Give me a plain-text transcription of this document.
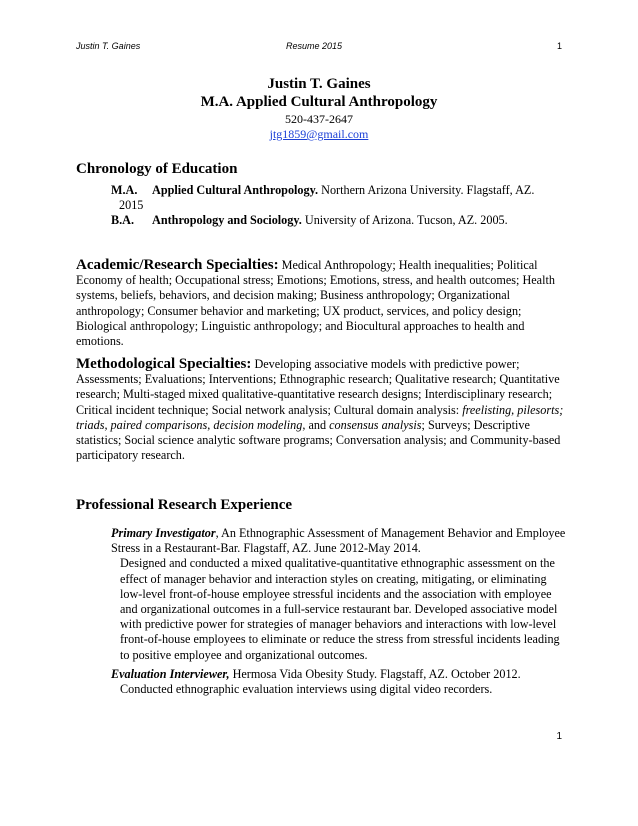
Justin T. Gaines	Resume 2015	1
Justin T. Gaines
M.A. Applied Cultural Anthropology
520-437-2647
jtg1859@gmail.com
Chronology of Education
M.A. Applied Cultural Anthropology. Northern Arizona University. Flagstaff, AZ.
2015
B.A. Anthropology and Sociology. University of Arizona. Tucson, AZ. 2005.
Academic/Research Specialties: Medical Anthropology; Health inequalities; Political Economy of health; Occupational stress; Emotions; Emotions, stress, and health outcomes; Health systems, beliefs, behaviors, and decision making; Business anthropology; Organizational anthropology; Consumer behavior and marketing; UX product, services, and policy design; Biological anthropology; Linguistic anthropology; and Biocultural approaches to health and emotions.
Methodological Specialties: Developing associative models with predictive power; Assessments; Evaluations; Interventions; Ethnographic research; Qualitative research; Quantitative research; Multi-staged mixed qualitative-quantitative research designs; Interdisciplinary research; Critical incident technique; Social network analysis; Cultural domain analysis: freelisting, pilesorts; triads, paired comparisons, decision modeling, and consensus analysis; Surveys; Descriptive statistics; Social science analytic software programs; Conversation analysis; and Community-based participatory research.
Professional Research Experience
Primary Investigator, An Ethnographic Assessment of Management Behavior and Employee Stress in a Restaurant-Bar. Flagstaff, AZ. June 2012-May 2014.
Designed and conducted a mixed qualitative-quantitative ethnographic assessment on the effect of manager behavior and interaction styles on creating, mitigating, or eliminating low-level front-of-house employee stressful incidents and the association with employee and organizational outcomes in a full-service restaurant bar. Developed associative model with predictive power for strategies of manager behaviors and interactions with low-level front-of-house employees to eliminate or reduce the stress from stressful incidents leading to positive employee and organizational outcomes.
Evaluation Interviewer, Hermosa Vida Obesity Study. Flagstaff, AZ. October 2012.
Conducted ethnographic evaluation interviews using digital video recorders.
1
